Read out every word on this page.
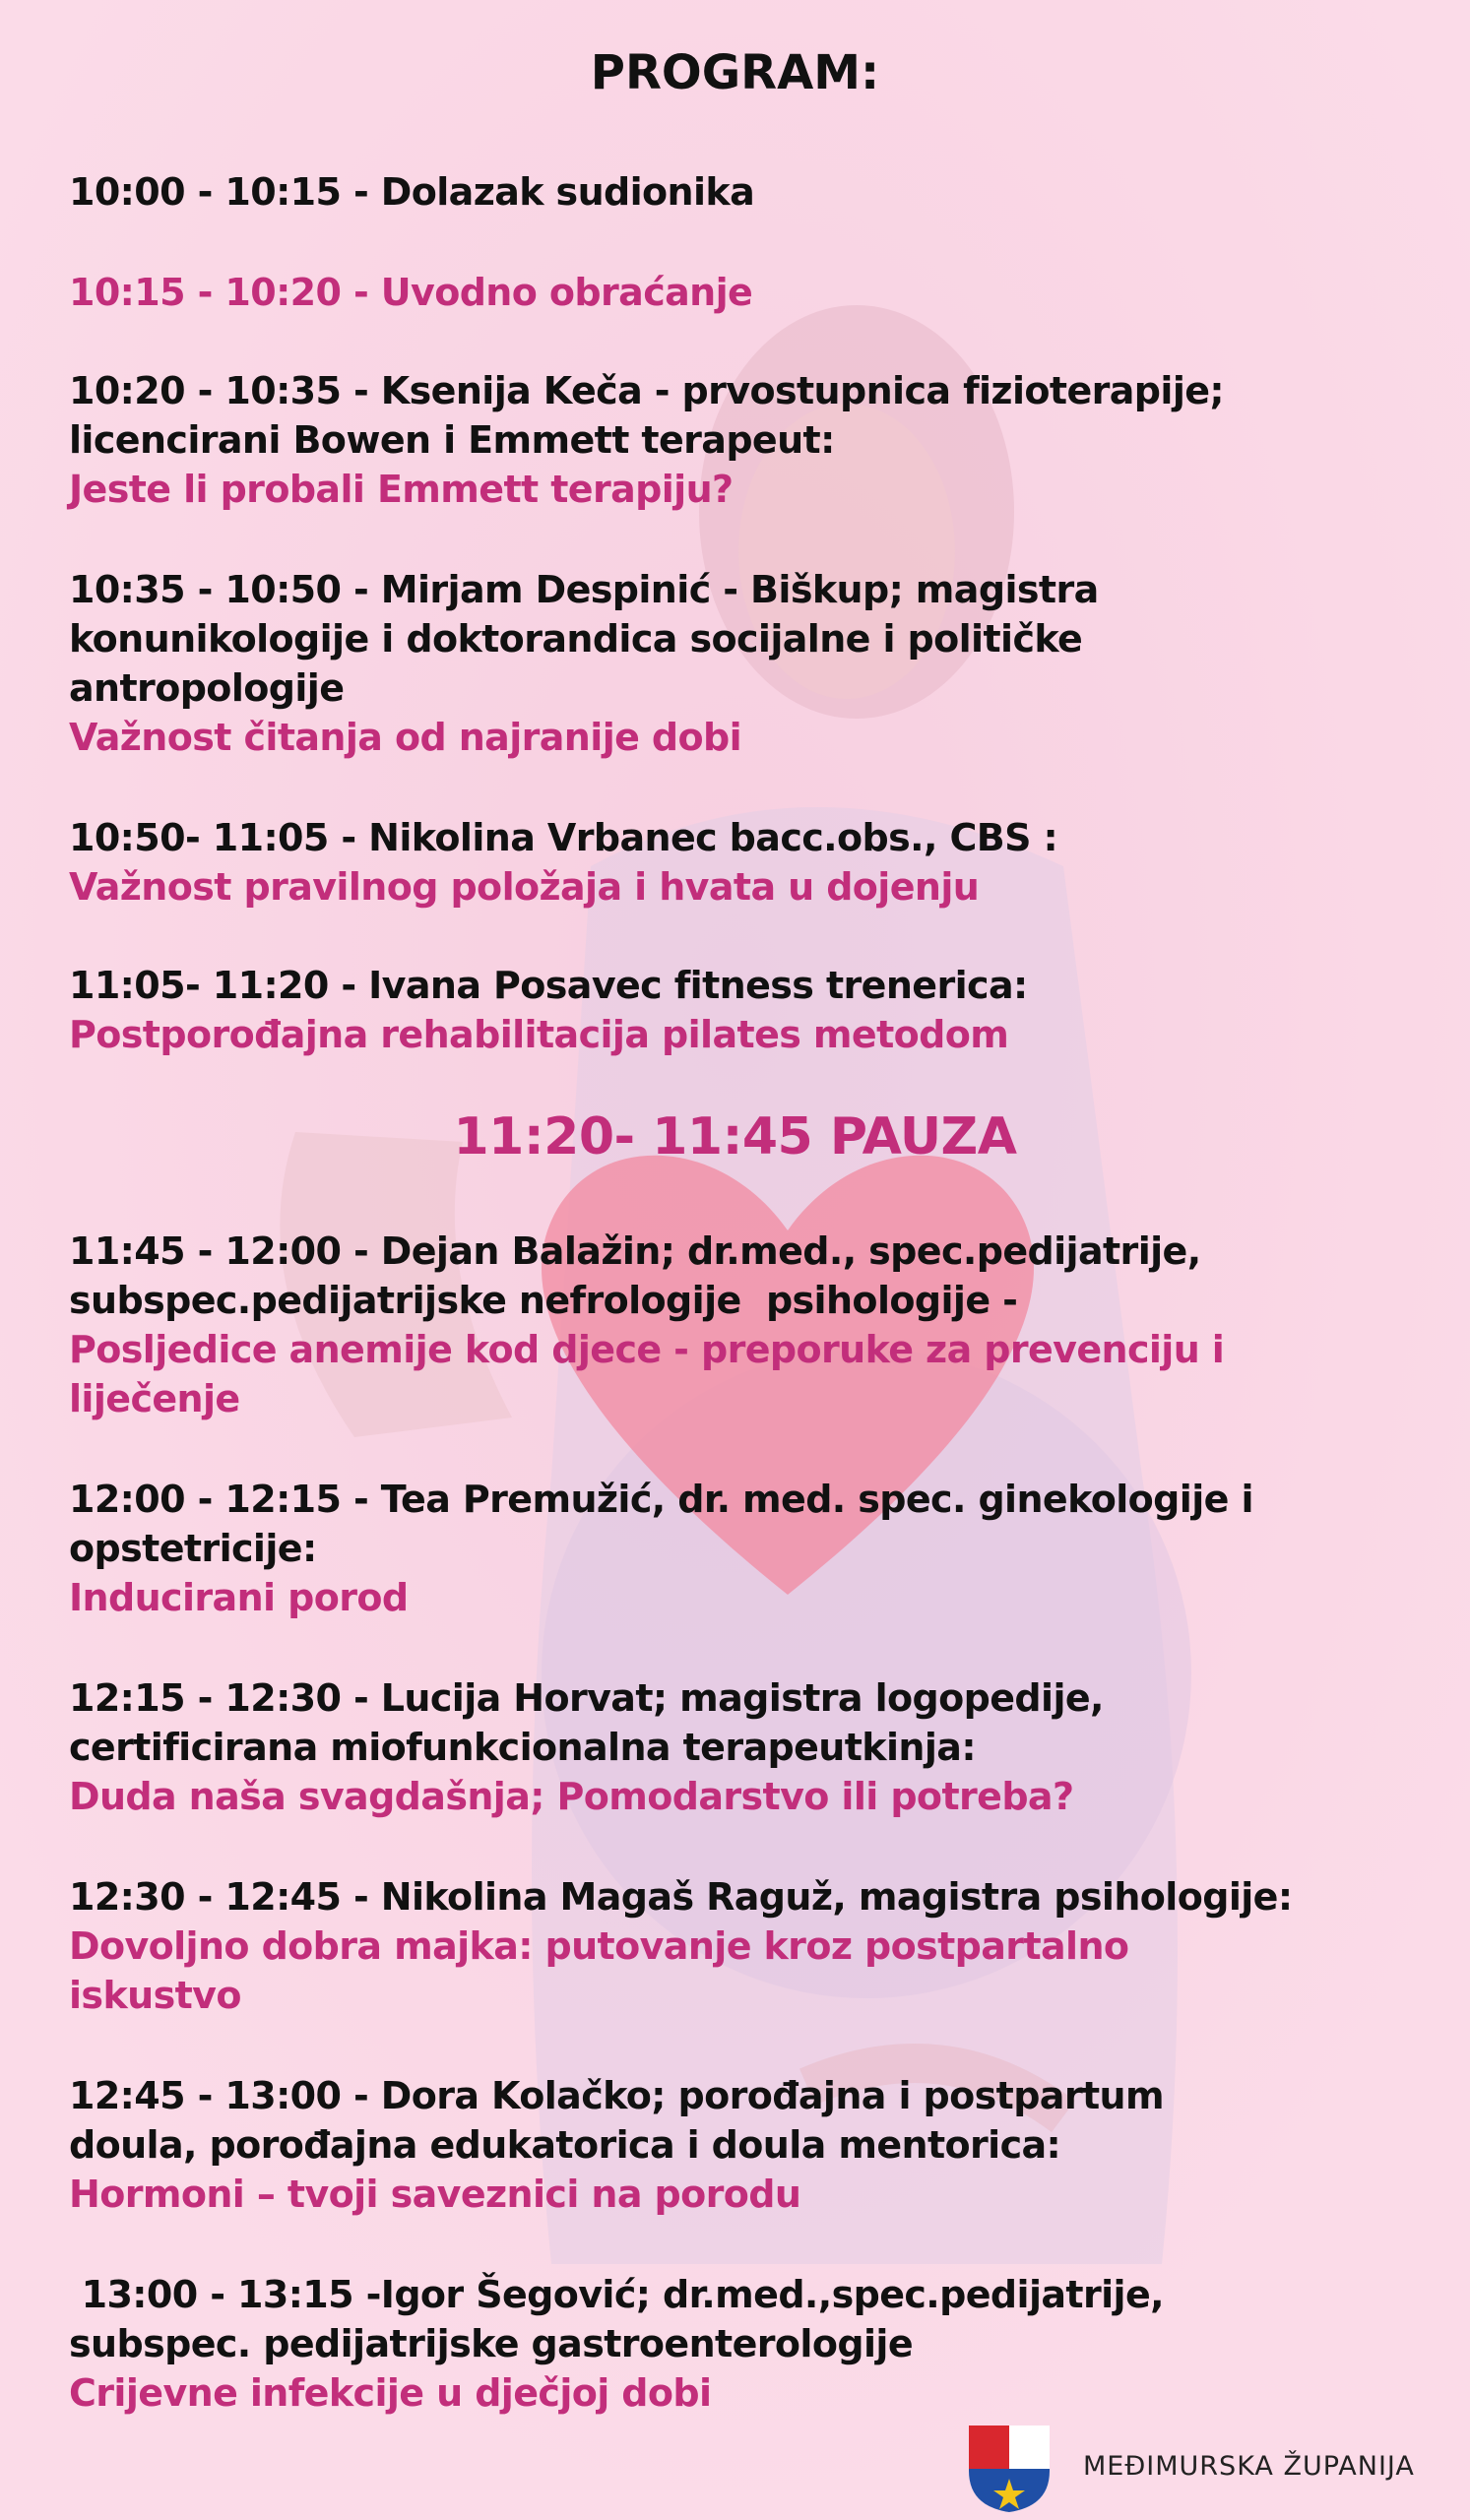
PROGRAM:
10:00 - 10:15 - Dolazak sudionika
10:15 - 10:20 - Uvodno obraćanje
10:20 - 10:35 - Ksenija Keča - prvostupnica fizioterapije;
licencirani Bowen i Emmett terapeut:
Jeste li probali Emmett terapiju?
10:35 - 10:50 - Mirjam Despinić - Biškup; magistra
konunikologije i doktorandica socijalne i političke
antropologije
Važnost čitanja od najranije dobi
10:50- 11:05 - Nikolina Vrbanec bacc.obs., CBS :
Važnost pravilnog položaja i hvata u dojenju
11:05- 11:20 - Ivana Posavec fitness trenerica:
Postporođajna rehabilitacija pilates metodom
11:45 - 12:00 - Dejan Balažin; dr.med., spec.pedijatrije,
subspec.pedijatrijske nefrologije  psihologije -
Posljedice anemije kod djece - preporuke za prevenciju i
liječenje
12:00 - 12:15 - Tea Premužić, dr. med. spec. ginekologije i
opstetricije:
Inducirani porod
12:15 - 12:30 - Lucija Horvat; magistra logopedije,
certificirana miofunkcionalna terapeutkinja:
Duda naša svagdašnja; Pomodarstvo ili potreba?
12:30 - 12:45 - Nikolina Magaš Raguž, magistra psihologije:
Dovoljno dobra majka: putovanje kroz postpartalno
iskustvo
12:45 - 13:00 - Dora Kolačko; porođajna i postpartum
doula, porođajna edukatorica i doula mentorica:
Hormoni – tvoji saveznici na porodu
13:00 - 13:15 -Igor Šegović; dr.med.,spec.pedijatrije,
subspec. pedijatrijske gastroenterologije
Crijevne infekcije u dječjoj dobi
11:20- 11:45 PAUZA
MEĐIMURSKA ŽUPANIJA
